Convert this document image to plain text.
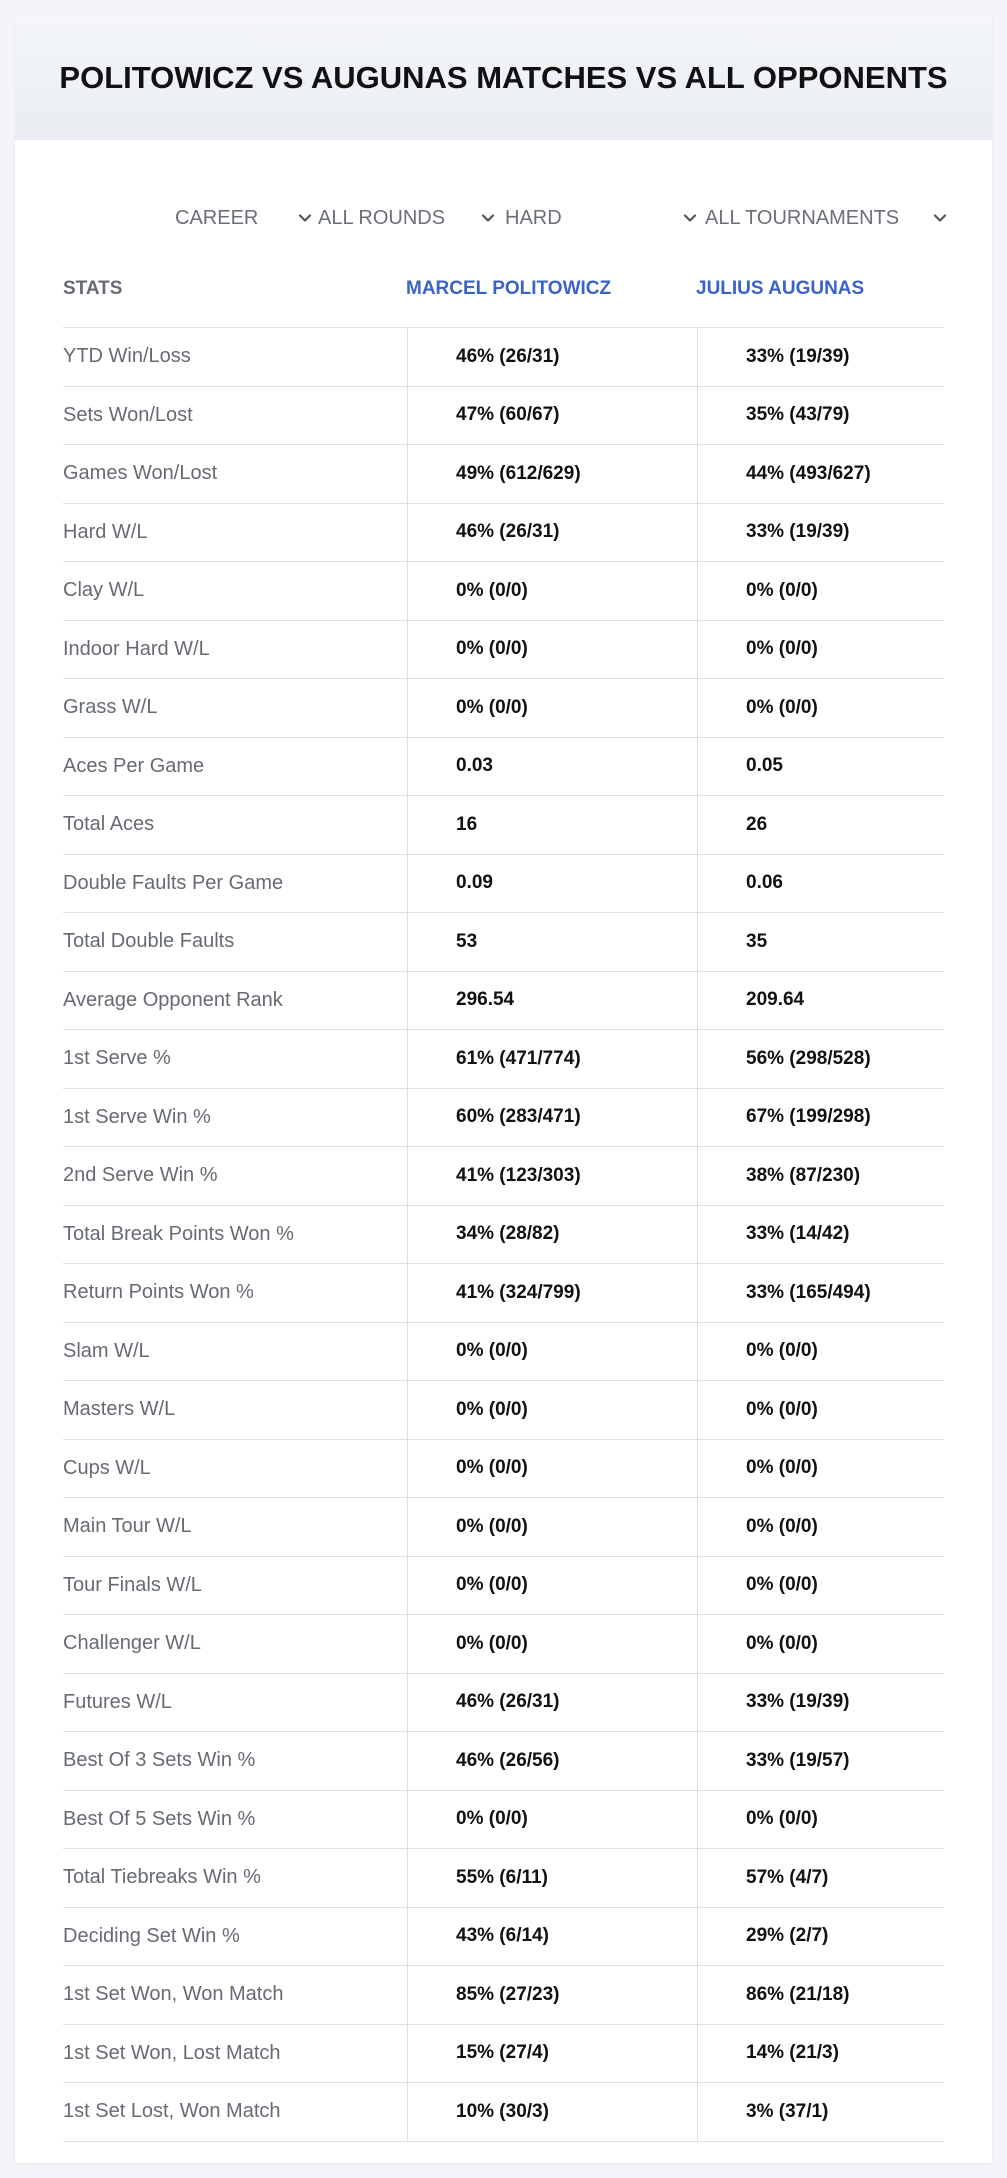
POLITOWICZ VS AUGUNAS MATCHES VS ALL OPPONENTS
CAREER	ALL ROUNDS	HARD	ALL TOURNAMENTS
STATS	MARCEL POLITOWICZ	JULIUS AUGUNAS
YTD Win/Loss	46% (26/31)	33% (19/39)
Sets Won/Lost	47% (60/67)	35% (43/79)
Games Won/Lost	49% (612/629)	44% (493/627)
Hard W/L	46% (26/31)	33% (19/39)
Clay W/L	0% (0/0)	0% (0/0)
Indoor Hard W/L	0% (0/0)	0% (0/0)
Grass W/L	0% (0/0)	0% (0/0)
Aces Per Game	0.03	0.05
Total Aces	16	26
Double Faults Per Game	0.09	0.06
Total Double Faults	53	35
Average Opponent Rank	296.54	209.64
1st Serve %	61% (471/774)	56% (298/528)
1st Serve Win %	60% (283/471)	67% (199/298)
2nd Serve Win %	41% (123/303)	38% (87/230)
Total Break Points Won %	34% (28/82)	33% (14/42)
Return Points Won %	41% (324/799)	33% (165/494)
Slam W/L	0% (0/0)	0% (0/0)
Masters W/L	0% (0/0)	0% (0/0)
Cups W/L	0% (0/0)	0% (0/0)
Main Tour W/L	0% (0/0)	0% (0/0)
Tour Finals W/L	0% (0/0)	0% (0/0)
Challenger W/L	0% (0/0)	0% (0/0)
Futures W/L	46% (26/31)	33% (19/39)
Best Of 3 Sets Win %	46% (26/56)	33% (19/57)
Best Of 5 Sets Win %	0% (0/0)	0% (0/0)
Total Tiebreaks Win %	55% (6/11)	57% (4/7)
Deciding Set Win %	43% (6/14)	29% (2/7)
1st Set Won, Won Match	85% (27/23)	86% (21/18)
1st Set Won, Lost Match	15% (27/4)	14% (21/3)
1st Set Lost, Won Match	10% (30/3)	3% (37/1)
